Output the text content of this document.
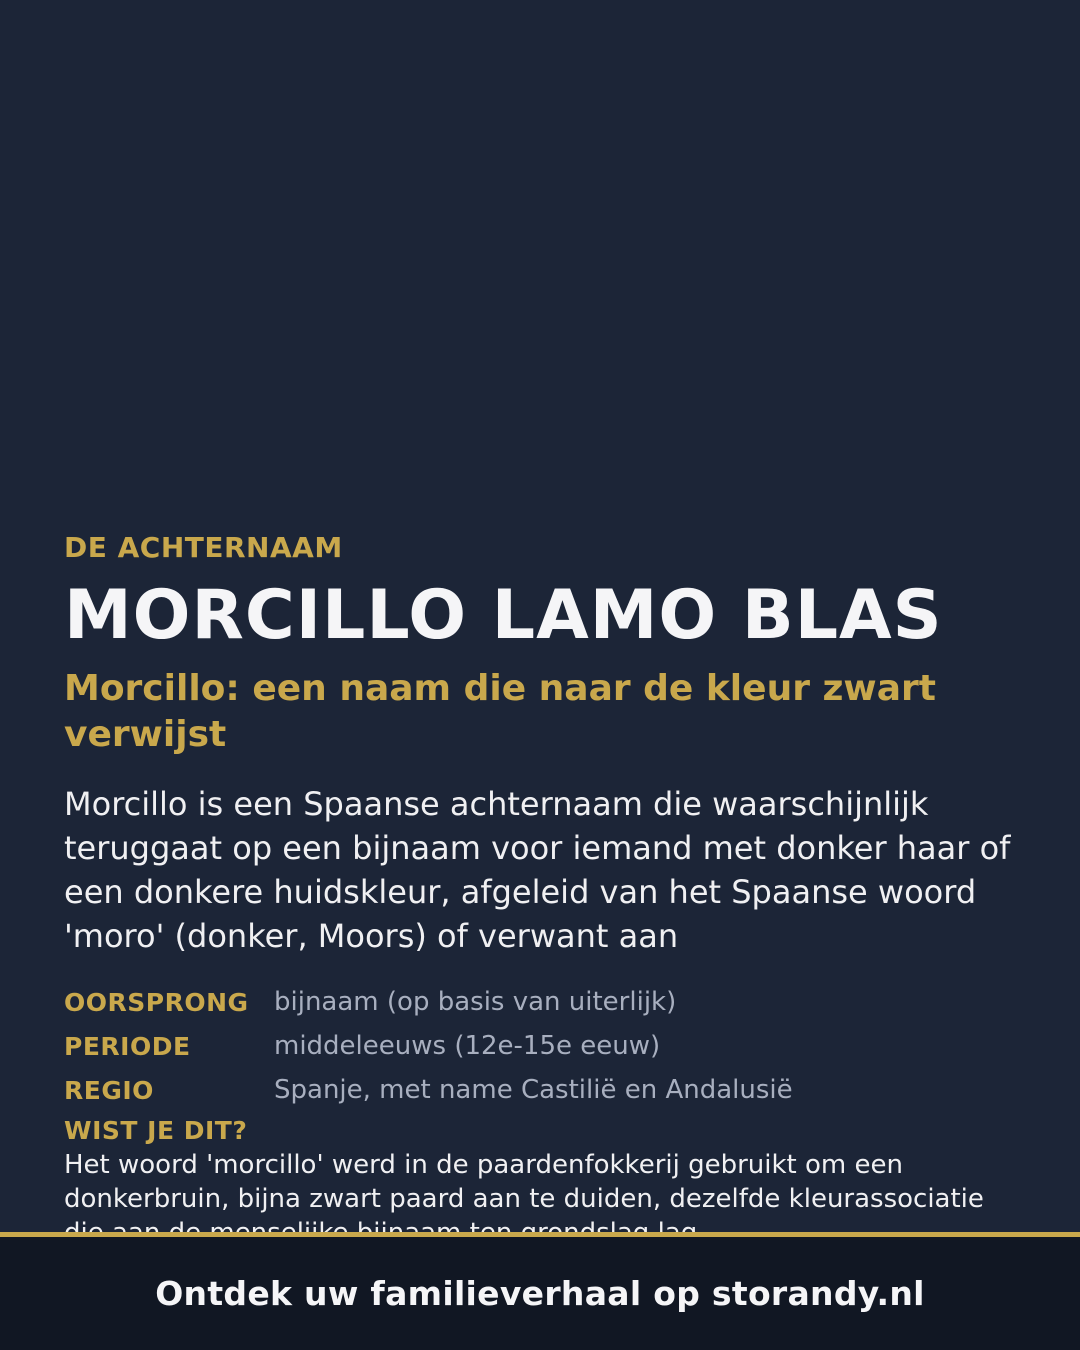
DE ACHTERNAAM

MORCILLO LAMO BLAS
Morcillo: een naam die naar de kleur zwart verwijst

Morcillo is een Spaanse achternaam die waarschijnlijk teruggaat op een bijnaam voor iemand met donker haar of een donkere huidskleur, afgeleid van het Spaanse woord 'moro' (donker, Moors) of verwant aan

OORSPRONG bijnaam (op basis van uiterlijk)
PERIODE	middeleeuws (12e-15e eeuw)
REGIO	Spanje, met name Castilië en Andalusië

WIST JE DIT?

Het woord 'morcillo' werd in de paardenfokkerij gebruikt om een donkerbruin, bijna zwart paard aan te duiden, dezelfde kleurassociatie

Ontdek uw familieverhaal op storandy.nl
